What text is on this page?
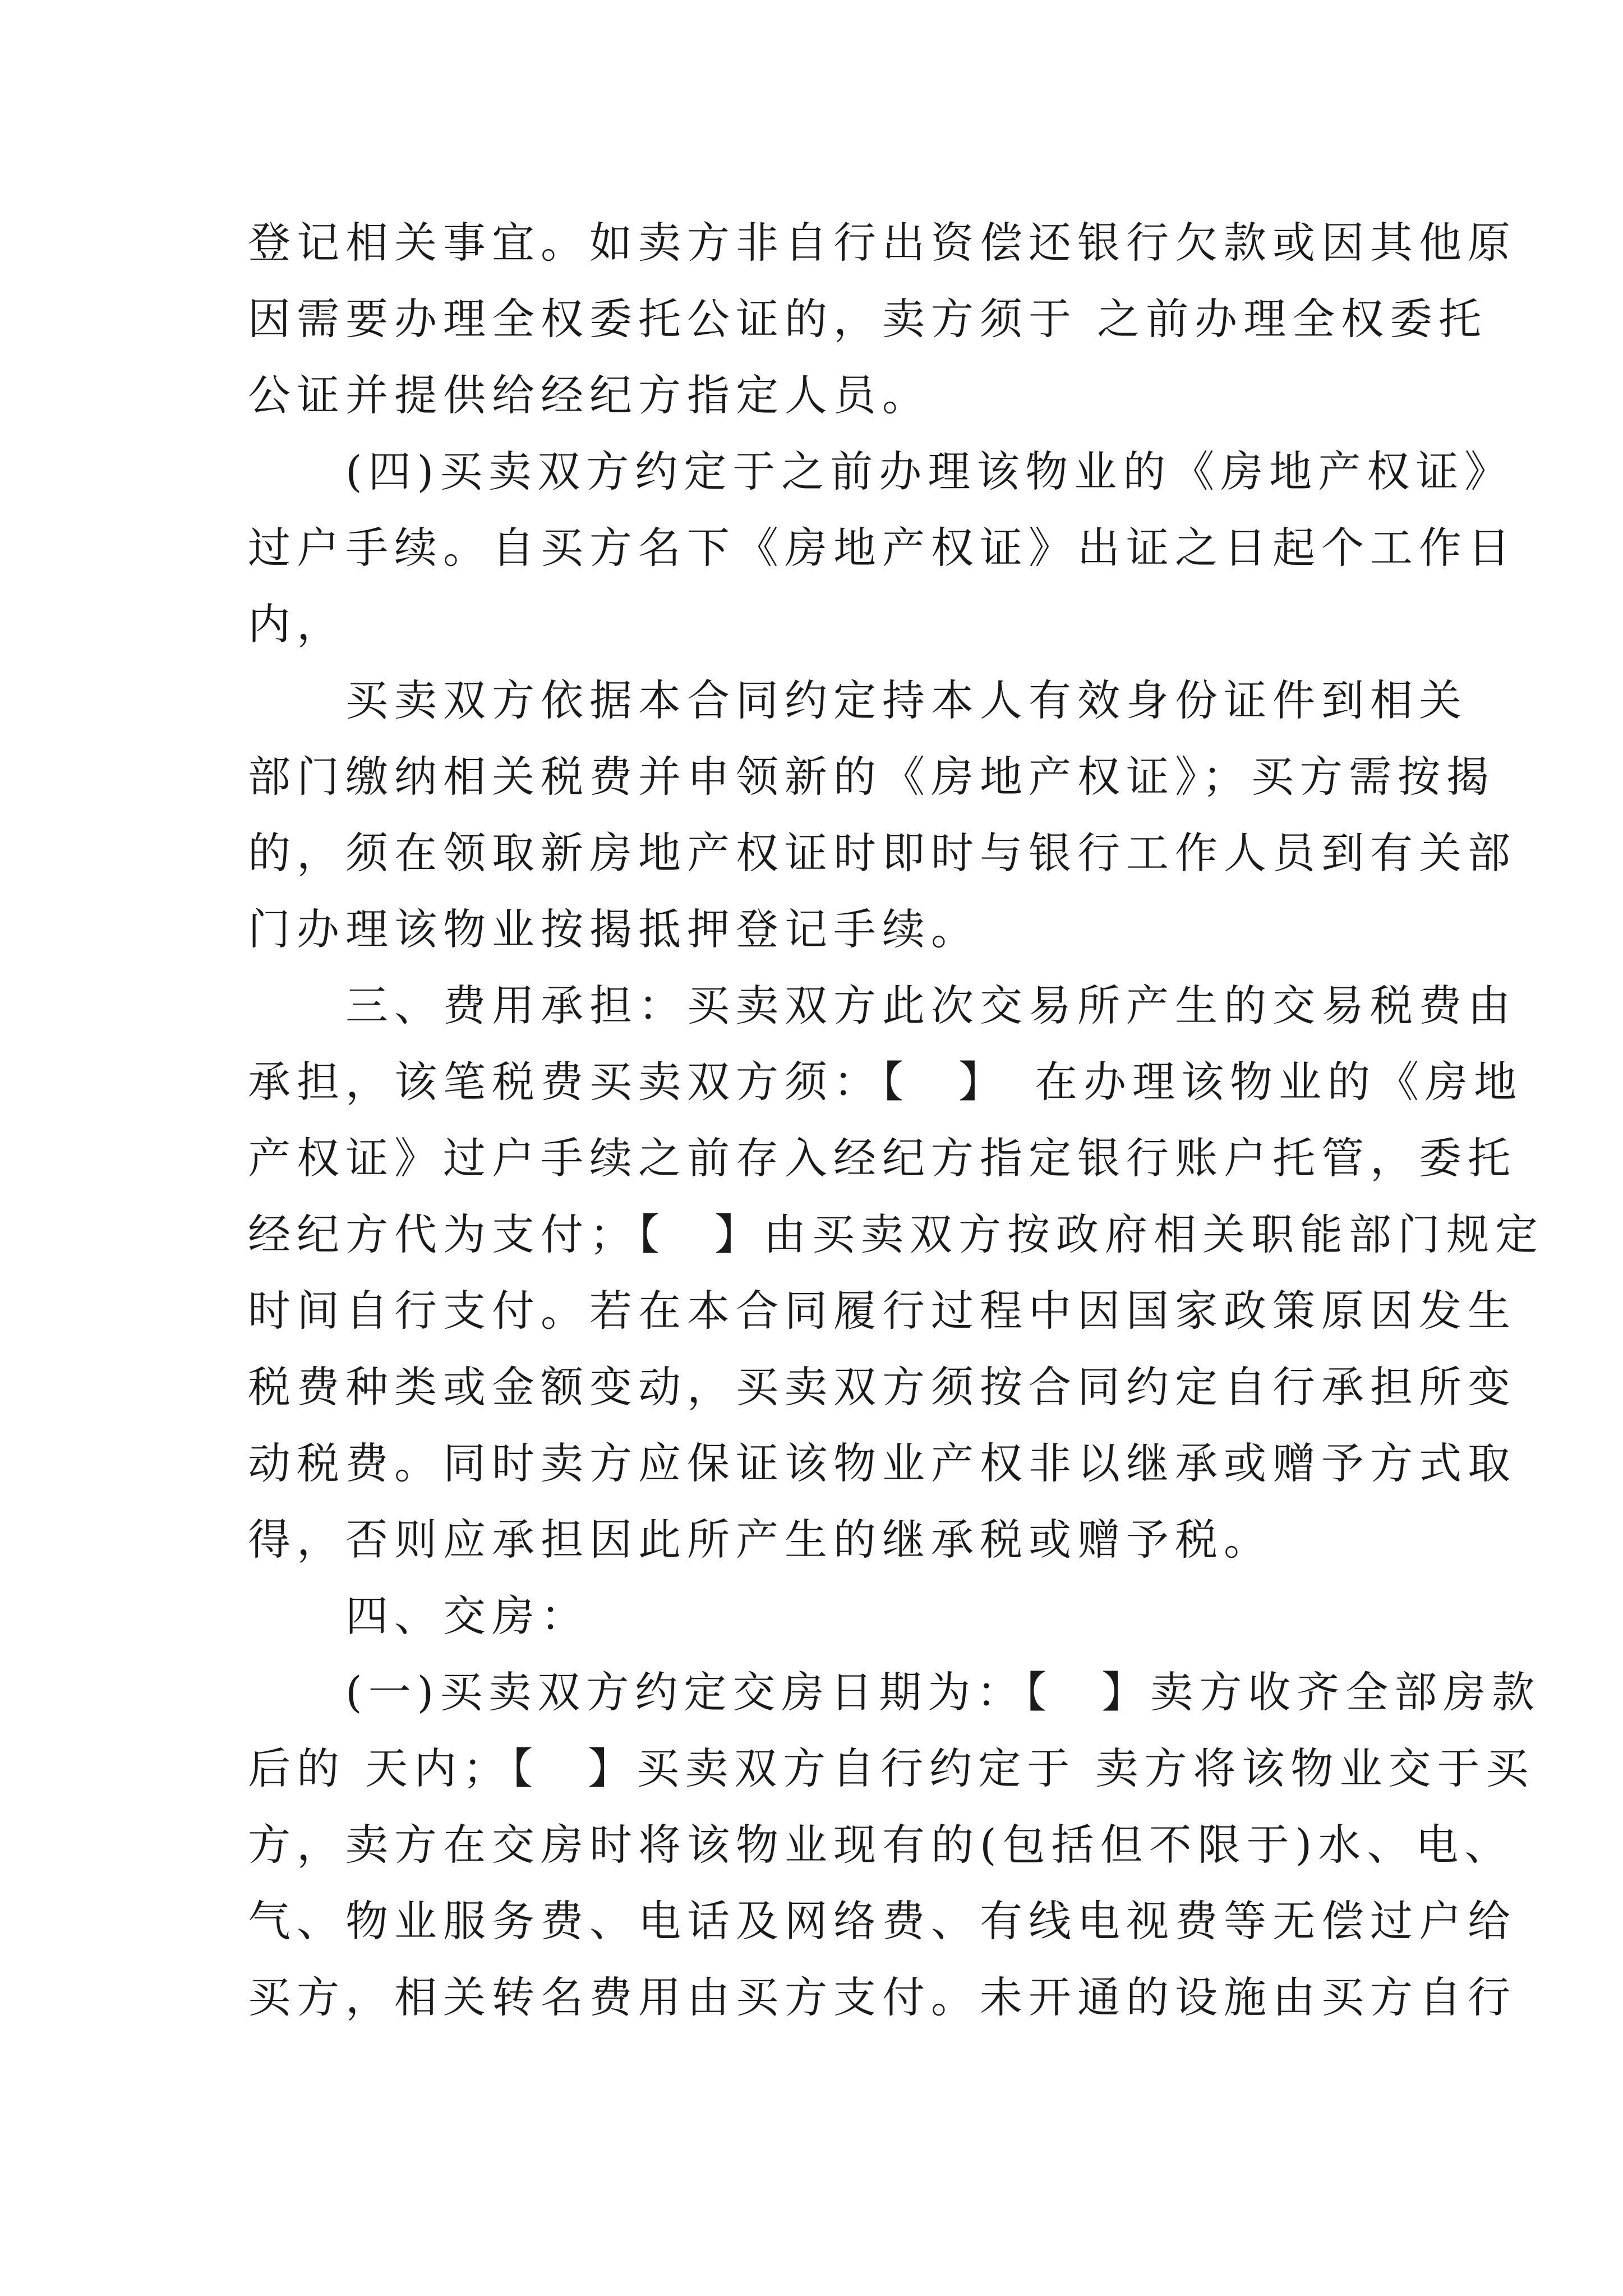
登记相关事宜。如卖方非自行出资偿还银行欠款或因其他原
因需要办理全权委托公证的，卖方须于 之前办理全权委托
公证并提供给经纪方指定人员。

(四)买卖双方约定于之前办理该物业的《房地产权证》
过户手续。自买方名下《房地产权证》出证之日起个工作日
内，

买卖双方依据本合同约定持本人有效身份证件到相关
部门缴纳相关税费并申领新的《房地产权证》；买方需按揭
的，须在领取新房地产权证时即时与银行工作人员到有关部
门办理该物业按揭抵押登记手续。

三、费用承担：买卖双方此次交易所产生的交易税费由
承担，该笔税费买卖双方须：【　】　在办理该物业的《房地
产权证》过户手续之前存入经纪方指定银行账户托管，委托
经纪方代为支付；【　】由买卖双方按政府相关职能部门规定
时间自行支付。若在本合同履行过程中因国家政策原因发生
税费种类或金额变动，买卖双方须按合同约定自行承担所变
动税费。同时卖方应保证该物业产权非以继承或赠予方式取
得，否则应承担因此所产生的继承税或赠予税。

四、交房：

(一)买卖双方约定交房日期为：【　】卖方收齐全部房款
后的 天内；【　】买卖双方自行约定于 卖方将该物业交于买
方，卖方在交房时将该物业现有的(包括但不限于)水、电、
气、物业服务费、电话及网络费、有线电视费等无偿过户给
买方，相关转名费用由买方支付。未开通的设施由买方自行
